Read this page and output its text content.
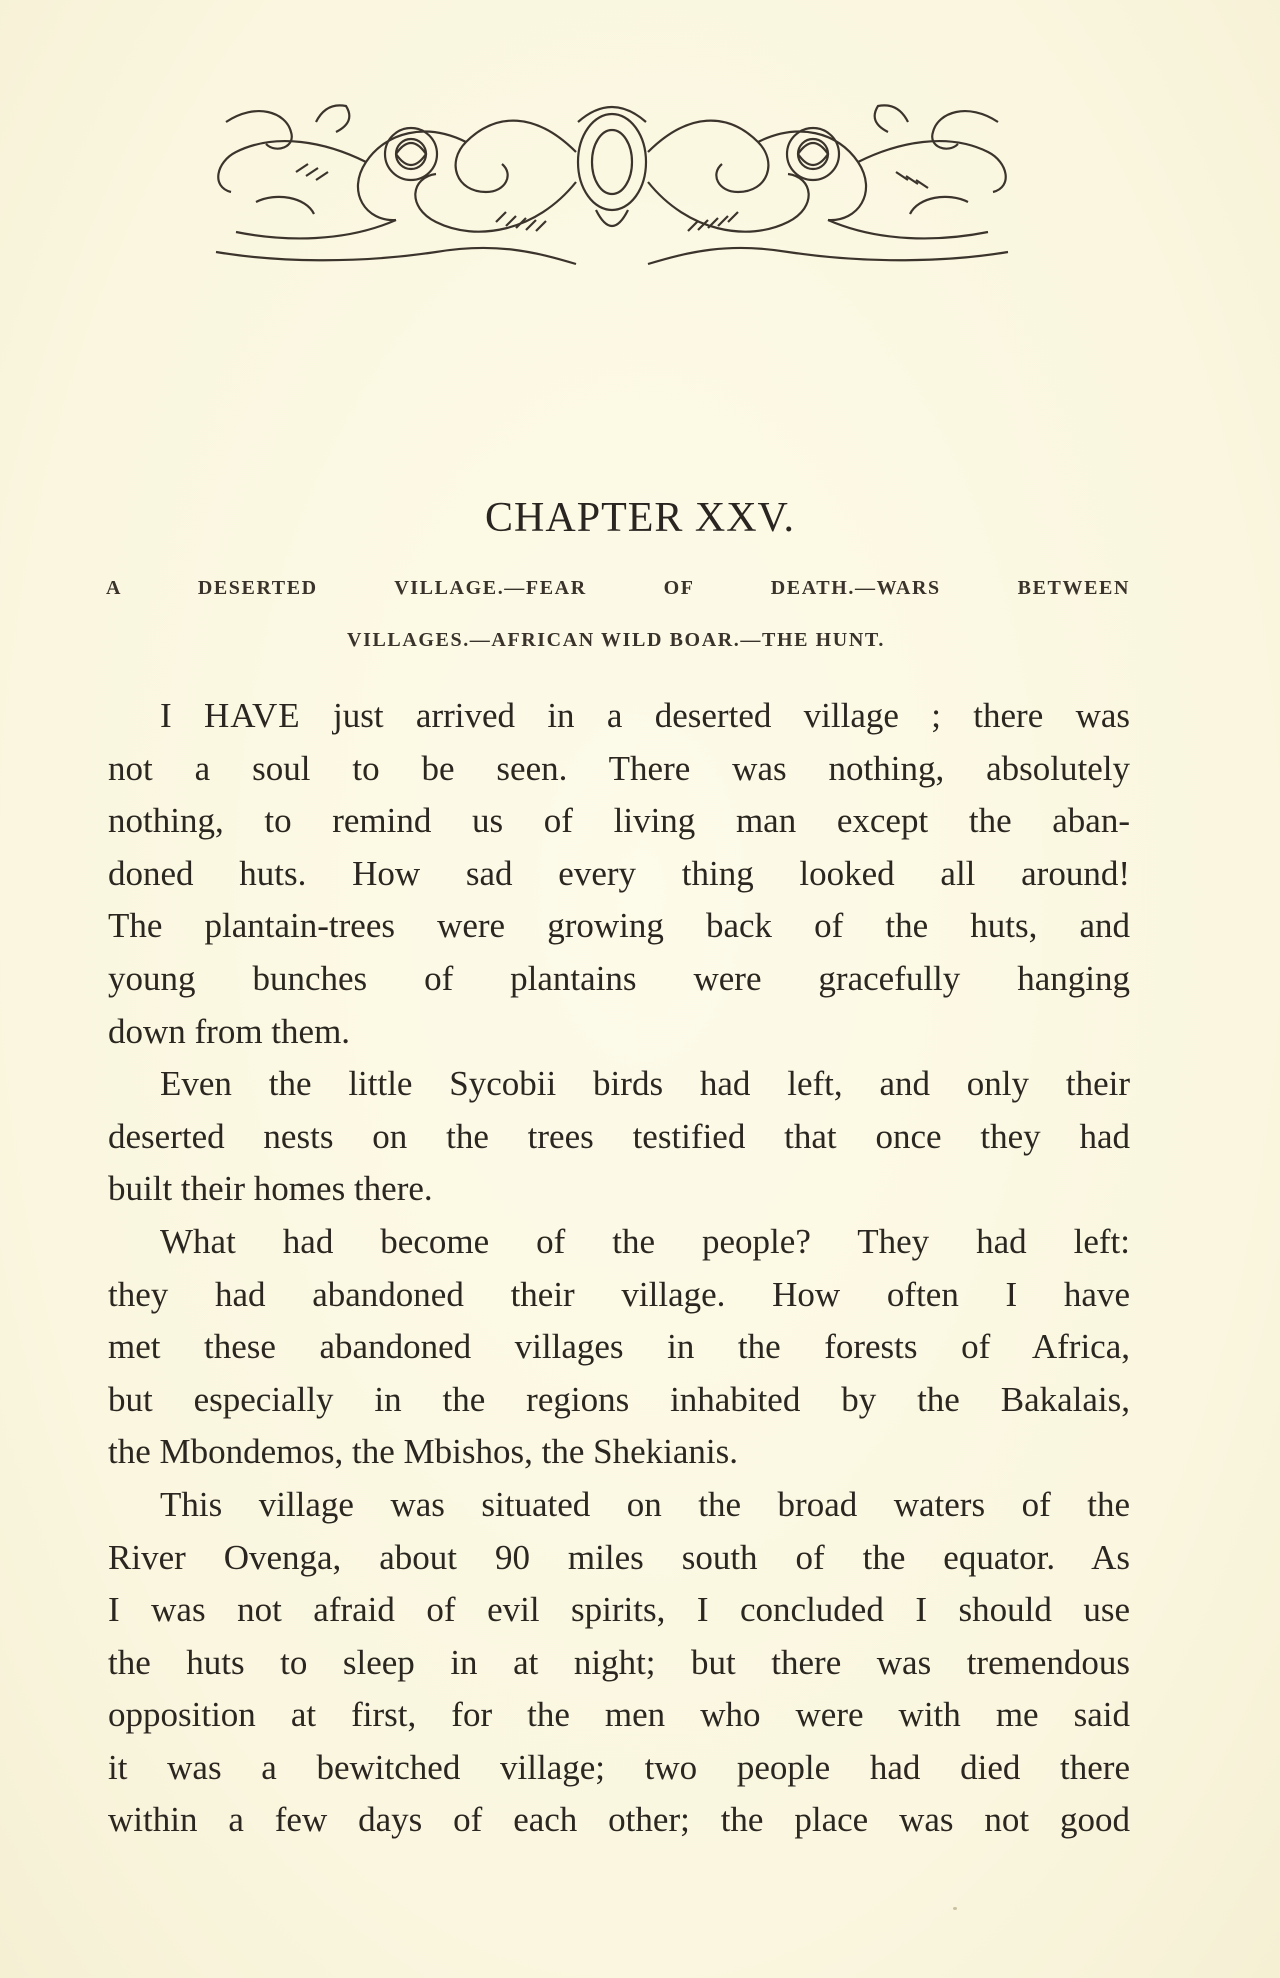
CHAPTER XXV.
A DESERTED VILLAGE.—FEAR OF DEATH.—WARS BETWEEN
VILLAGES.—AFRICAN WILD BOAR.—THE HUNT.
I HAVE just arrived in a deserted village ; there was
not a soul to be seen. There was nothing, absolutely
nothing, to remind us of living man except the aban-
doned huts. How sad every thing looked all around!
The plantain-trees were growing back of the huts, and
young bunches of plantains were gracefully hanging
down from them.
Even the little Sycobii birds had left, and only their
deserted nests on the trees testified that once they had
built their homes there.
What had become of the people? They had left:
they had abandoned their village. How often I have
met these abandoned villages in the forests of Africa,
but especially in the regions inhabited by the Bakalais,
the Mbondemos, the Mbishos, the Shekianis.
This village was situated on the broad waters of the
River Ovenga, about 90 miles south of the equator. As
I was not afraid of evil spirits, I concluded I should use
the huts to sleep in at night; but there was tremendous
opposition at first, for the men who were with me said
it was a bewitched village; two people had died there
within a few days of each other; the place was not good
